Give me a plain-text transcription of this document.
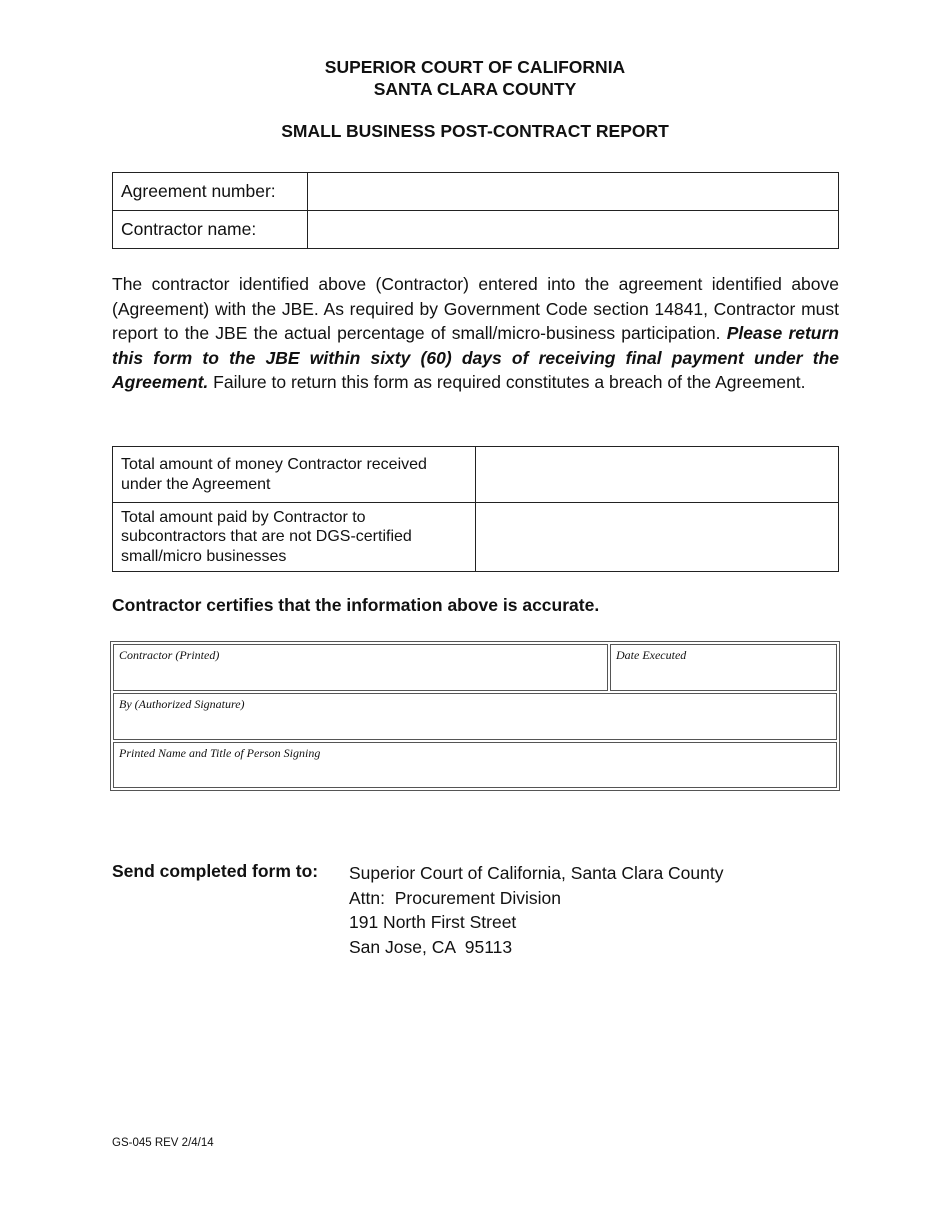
SUPERIOR COURT OF CALIFORNIA
SANTA CLARA COUNTY
SMALL BUSINESS POST-CONTRACT REPORT
Agreement number:	
Contractor name:	
The contractor identified above (Contractor) entered into the agreement identified above (Agreement) with the JBE. As required by Government Code section 14841, Contractor must report to the JBE the actual percentage of small/micro-business participation. Please return this form to the JBE within sixty (60) days of receiving final payment under the Agreement. Failure to return this form as required constitutes a breach of the Agreement.
Total amount of money Contractor received under the Agreement	
Total amount paid by Contractor to subcontractors that are not DGS-certified small/micro businesses	
Contractor certifies that the information above is accurate.
Contractor (Printed)	Date Executed
By (Authorized Signature)
Printed Name and Title of Person Signing
Send completed form to: Superior Court of California, Santa Clara County
Attn:  Procurement Division
191 North First Street
San Jose, CA  95113
GS-045 REV 2/4/14
